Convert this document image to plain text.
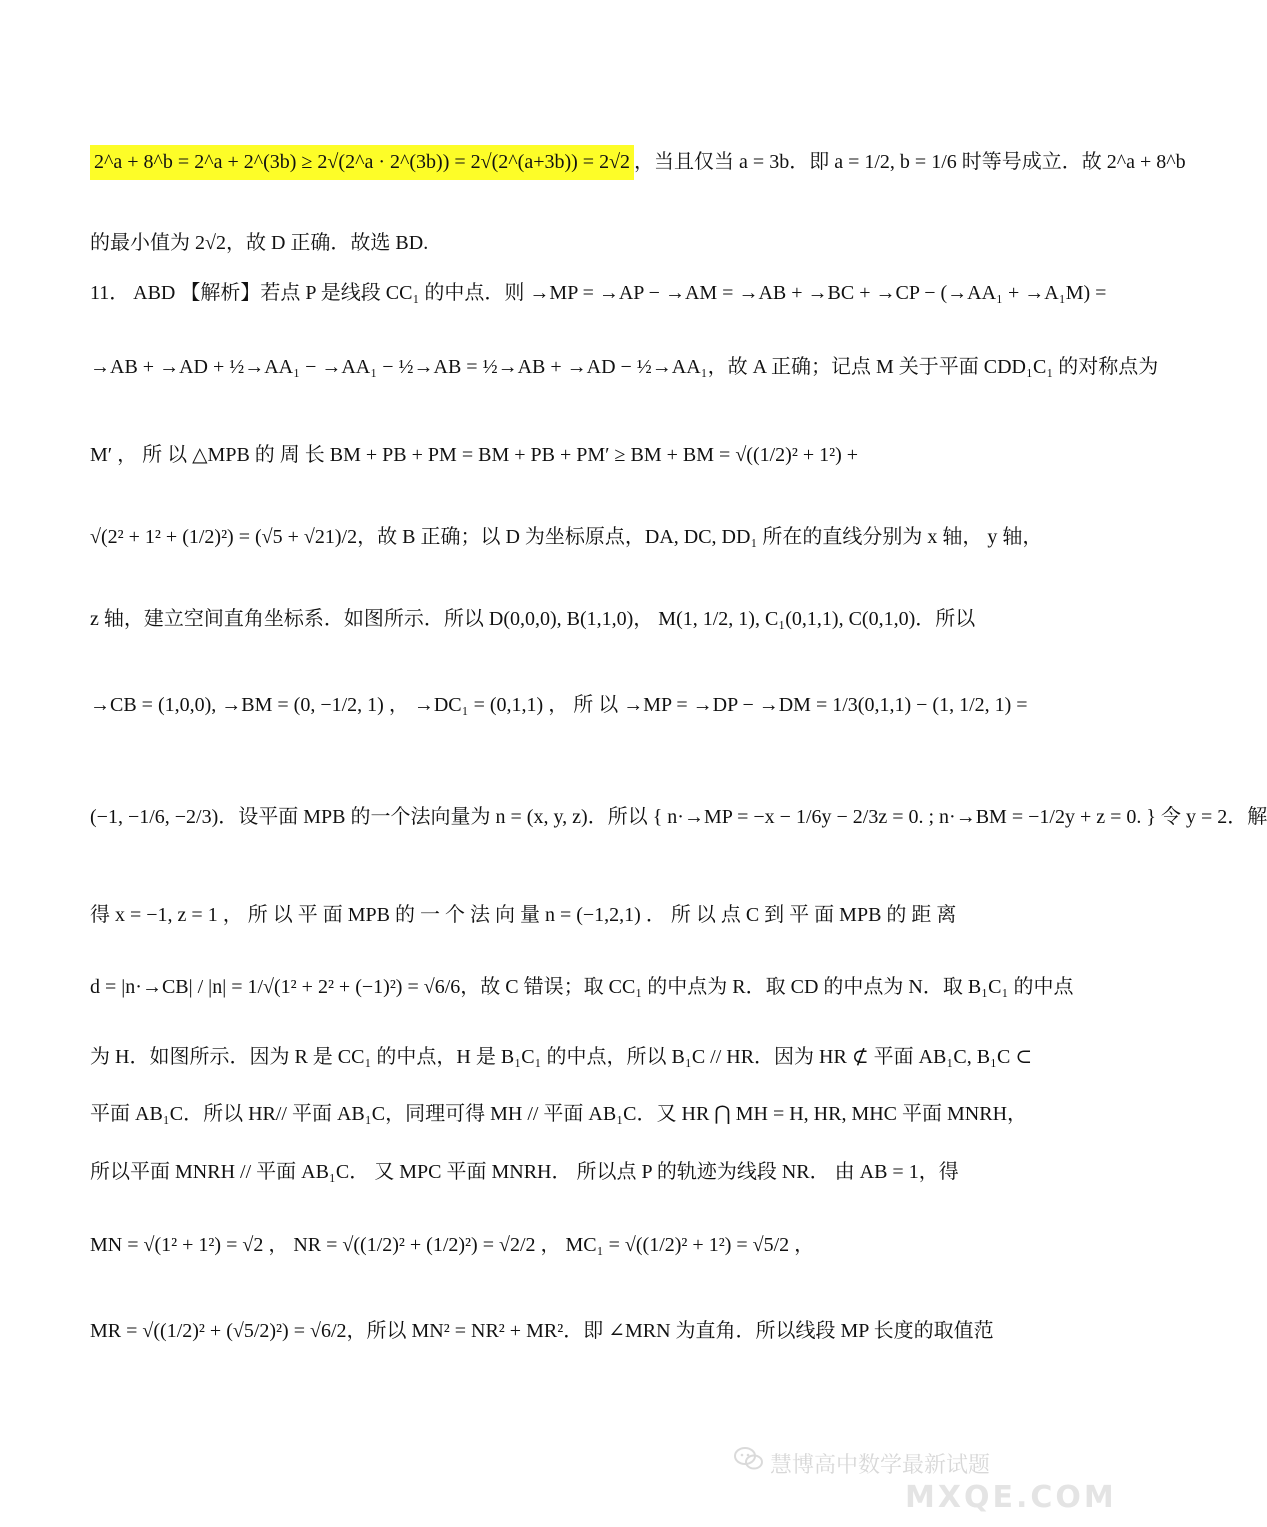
2^a + 8^b = 2^a + 2^(3b) ≥ 2√(2^a · 2^(3b)) = 2√(2^(a+3b)) = 2√2 ，当且仅当 a = 3b．即 a = 1/2, b = 1/6 时等号成立．故 2^a + 8^b
的最小值为 2√2，故 D 正确．故选 BD.
11． ABD 【解析】若点 P 是线段 CC₁ 的中点．则 →MP = →AP − →AM = →AB + →BC + →CP − (→AA₁ + →A₁M) =
→AB + →AD + ½→AA₁ − →AA₁ − ½→AB = ½→AB + →AD − ½→AA₁，故 A 正确；记点 M 关于平面 CDD₁C₁ 的对称点为
M′ ， 所 以 △MPB 的 周 长 BM + PB + PM = BM + PB + PM′ ≥ BM + BM = √((1/2)² + 1²) +
√(2² + 1² + (1/2)²) = (√5 + √21)/2，故 B 正确；以 D 为坐标原点，DA, DC, DD₁ 所在的直线分别为 x 轴， y 轴，
z 轴，建立空间直角坐标系．如图所示．所以 D(0,0,0), B(1,1,0)， M(1, 1/2, 1), C₁(0,1,1), C(0,1,0)．所以
→CB = (1,0,0), →BM = (0, −1/2, 1) ， →DC₁ = (0,1,1) ， 所 以 →MP = →DP − →DM = 1/3(0,1,1) − (1, 1/2, 1) =
(−1, −1/6, −2/3)．设平面 MPB 的一个法向量为 n = (x, y, z)．所以 { n·→MP = −x − 1/6y − 2/3z = 0. ; n·→BM = −1/2y + z = 0. } 令 y = 2．解
得 x = −1, z = 1 ， 所 以 平 面 MPB 的 一 个 法 向 量 n = (−1,2,1) ． 所 以 点 C 到 平 面 MPB 的 距 离
d = |n·→CB| / |n| = 1/√(1² + 2² + (−1)²) = √6/6，故 C 错误；取 CC₁ 的中点为 R．取 CD 的中点为 N．取 B₁C₁ 的中点
为 H．如图所示．因为 R 是 CC₁ 的中点，H 是 B₁C₁ 的中点，所以 B₁C // HR．因为 HR ⊄ 平面 AB₁C, B₁C ⊂
平面 AB₁C．所以 HR// 平面 AB₁C，同理可得 MH // 平面 AB₁C．又 HR ⋂ MH = H, HR, MHC 平面 MNRH，
所以平面 MNRH // 平面 AB₁C． 又 MPC 平面 MNRH． 所以点 P 的轨迹为线段 NR． 由 AB = 1，得
MN = √(1² + 1²) = √2 ， NR = √((1/2)² + (1/2)²) = √2/2 ， MC₁ = √((1/2)² + 1²) = √5/2 ，
MR = √((1/2)² + (√5/2)²) = √6/2，所以 MN² = NR² + MR²．即 ∠MRN 为直角．所以线段 MP 长度的取值范
慧博高中数学最新试题
MXQE.COM
